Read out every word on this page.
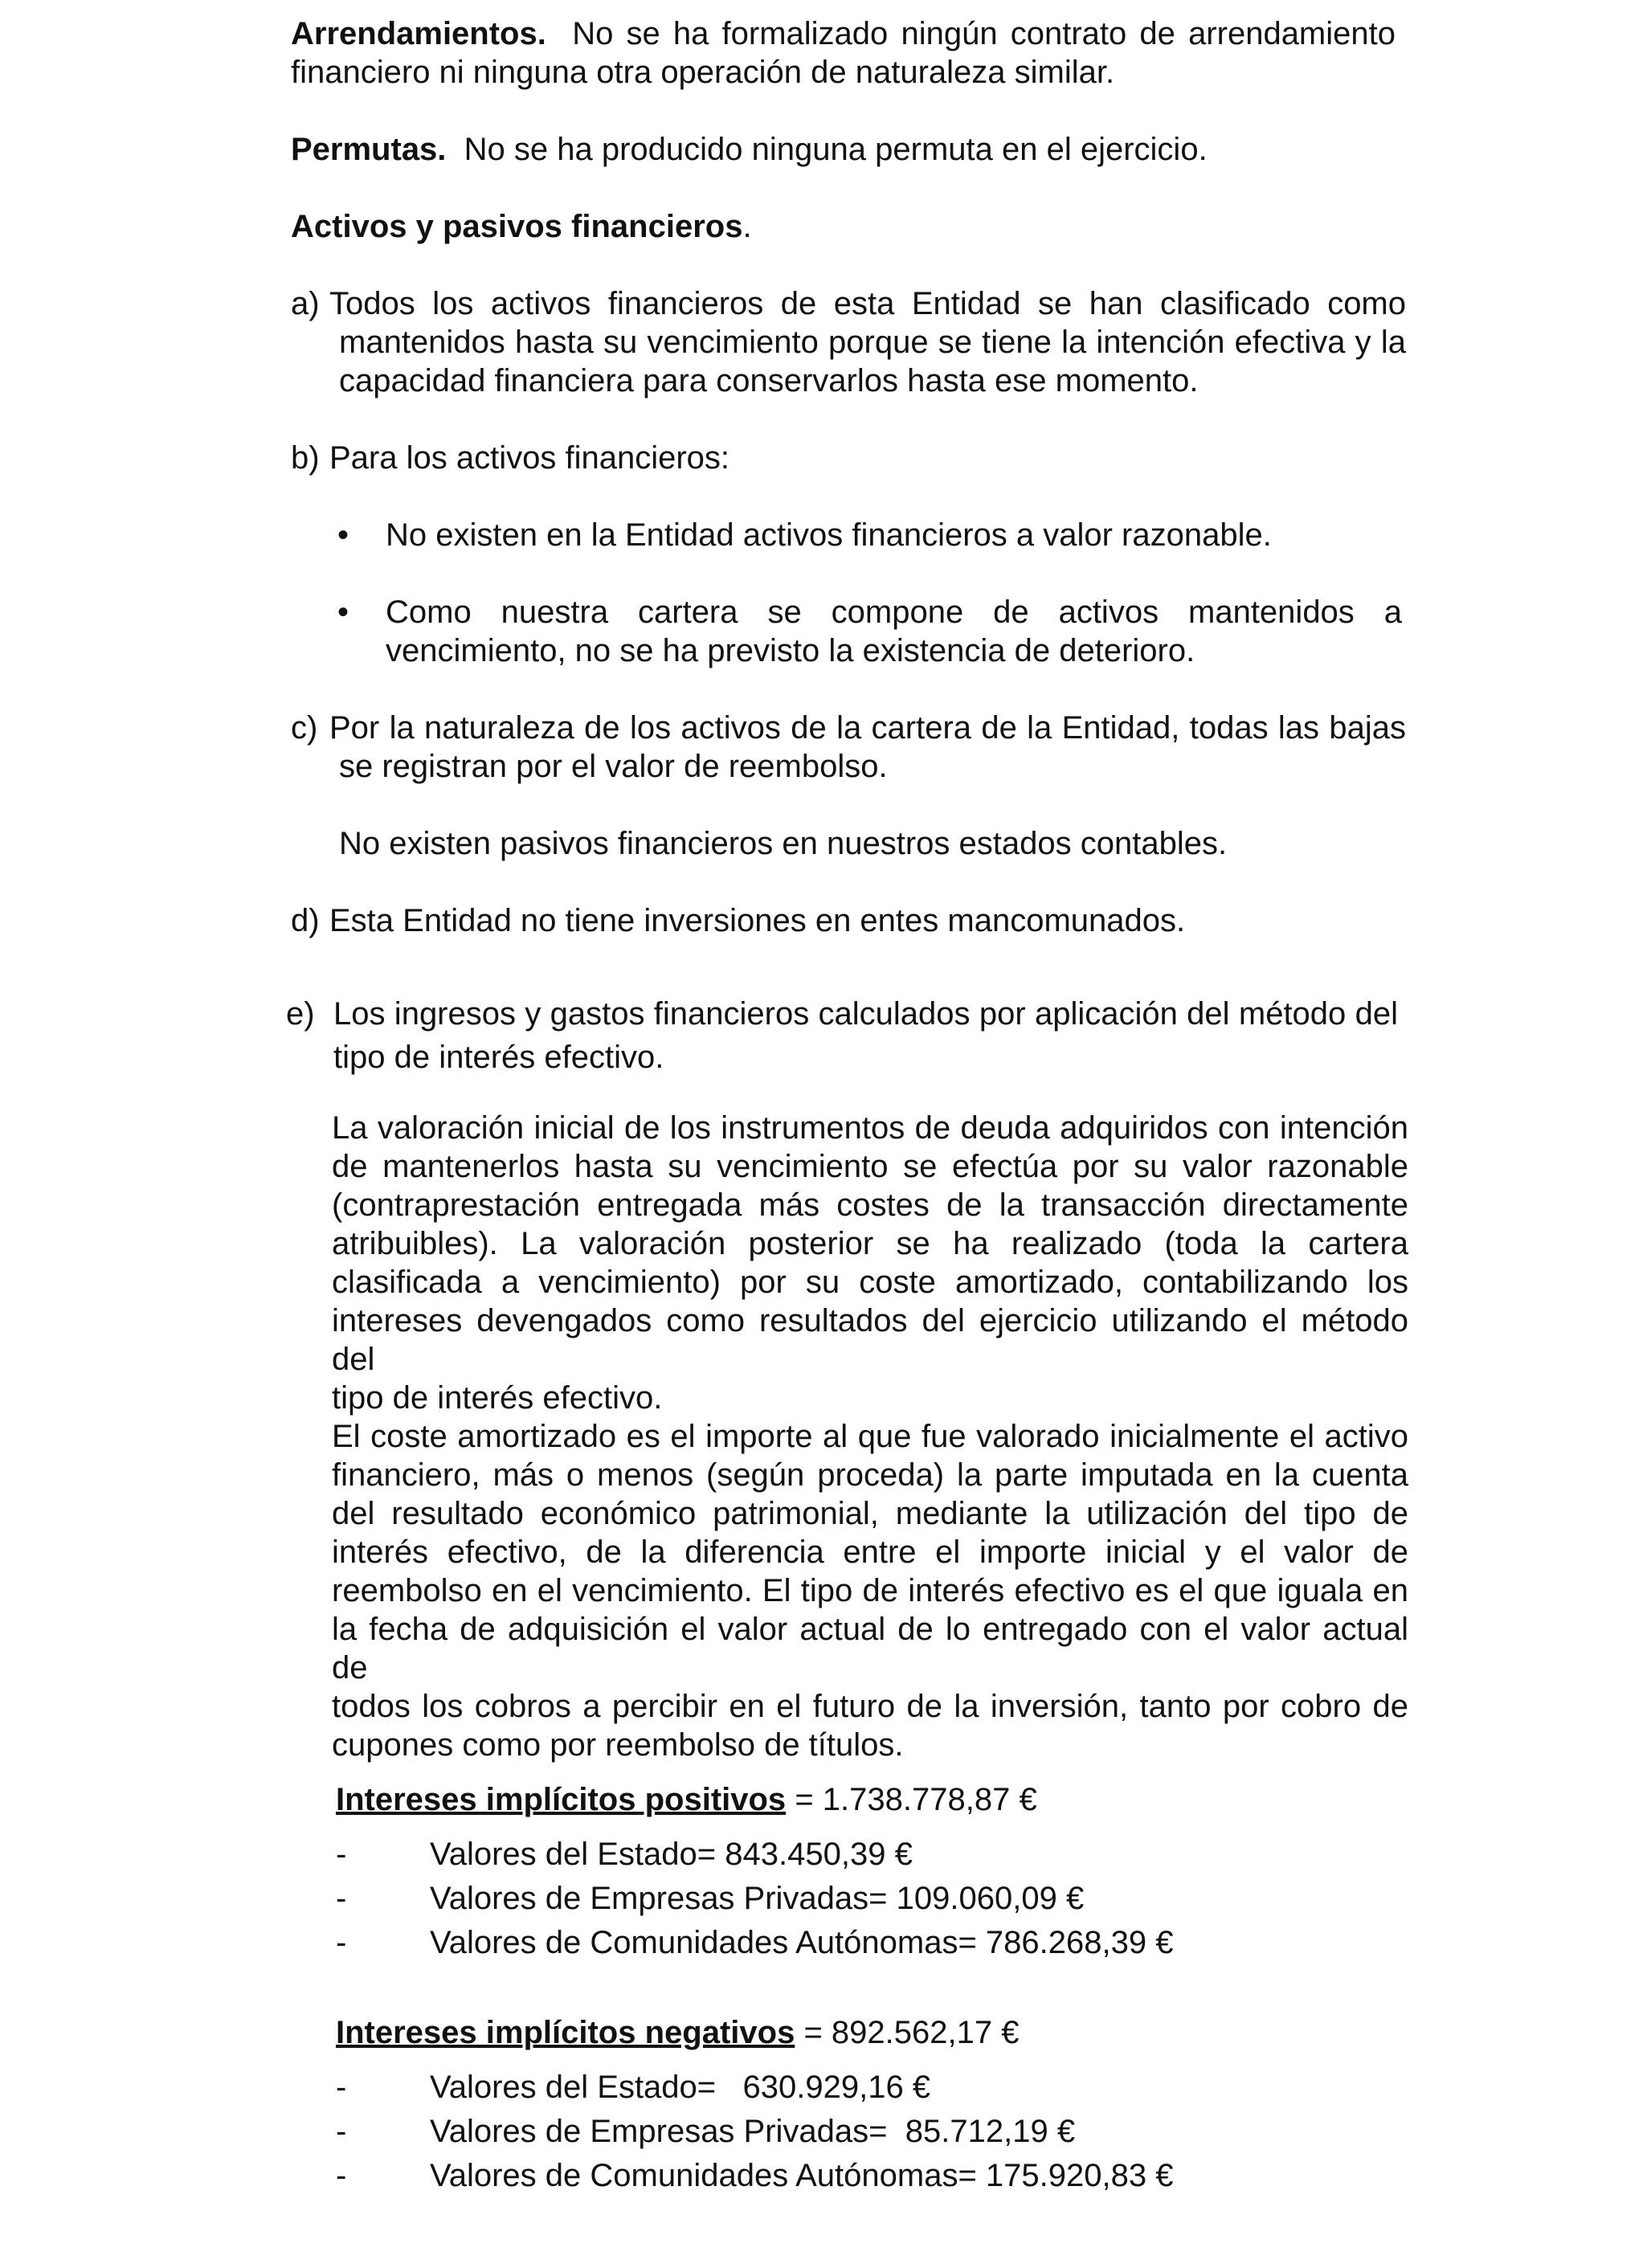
Arrendamientos. No se ha formalizado ningún contrato de arrendamiento
financiero ni ninguna otra operación de naturaleza similar.
Permutas. No se ha producido ninguna permuta en el ejercicio.
Activos y pasivos financieros.
a) Todos los activos financieros de esta Entidad se han clasificado como
mantenidos hasta su vencimiento porque se tiene la intención efectiva y la
capacidad financiera para conservarlos hasta ese momento.
b) Para los activos financieros:
• No existen en la Entidad activos financieros a valor razonable.
• Como nuestra cartera se compone de activos mantenidos a
vencimiento, no se ha previsto la existencia de deterioro.
c) Por la naturaleza de los activos de la cartera de la Entidad, todas las bajas
se registran por el valor de reembolso.
No existen pasivos financieros en nuestros estados contables.
d) Esta Entidad no tiene inversiones en entes mancomunados.
e) Los ingresos y gastos financieros calculados por aplicación del método del
tipo de interés efectivo.
La valoración inicial de los instrumentos de deuda adquiridos con intención
de mantenerlos hasta su vencimiento se efectúa por su valor razonable
(contraprestación entregada más costes de la transacción directamente
atribuibles). La valoración posterior se ha realizado (toda la cartera
clasificada a vencimiento) por su coste amortizado, contabilizando los
intereses devengados como resultados del ejercicio utilizando el método del
tipo de interés efectivo.
El coste amortizado es el importe al que fue valorado inicialmente el activo
financiero, más o menos (según proceda) la parte imputada en la cuenta
del resultado económico patrimonial, mediante la utilización del tipo de
interés efectivo, de la diferencia entre el importe inicial y el valor de
reembolso en el vencimiento. El tipo de interés efectivo es el que iguala en
la fecha de adquisición el valor actual de lo entregado con el valor actual de
todos los cobros a percibir en el futuro de la inversión, tanto por cobro de
cupones como por reembolso de títulos.
Intereses implícitos positivos = 1.738.778,87 €
-	Valores del Estado= 843.450,39 €
-	Valores de Empresas Privadas= 109.060,09 €
-	Valores de Comunidades Autónomas= 786.268,39 €
Intereses implícitos negativos = 892.562,17 €
-	Valores del Estado=   630.929,16 €
-	Valores de Empresas Privadas=  85.712,19 €
-	Valores de Comunidades Autónomas= 175.920,83 €
